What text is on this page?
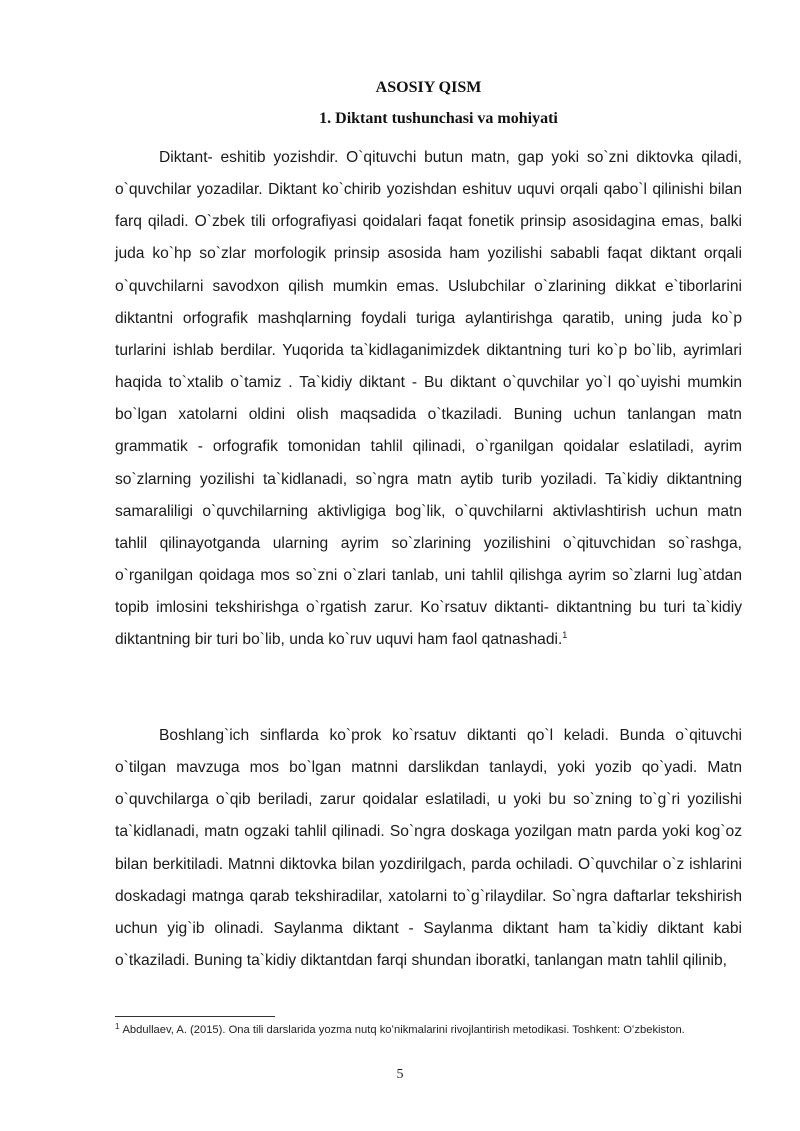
ASOSIY QISM
1. Diktant tushunchasi va mohiyati

Diktant- eshitib yozishdir. O`qituvchi butun matn, gap yoki so`zni diktovka qiladi, o`quvchilar yozadilar. Diktant ko`chirib yozishdan eshituv uquvi orqali qabo`l qilinishi bilan farq qiladi. O`zbek tili orfografiyasi qoidalari faqat fonetik prinsip asosidagina emas, balki juda ko`hp so`zlar morfologik prinsip asosida ham yozilishi sababli faqat diktant orqali o`quvchilarni savodxon qilish mumkin emas. Uslubchilar o`zlarining dikkat e`tiborlarini diktantni orfografik mashqlarning foydali turiga aylantirishga qaratib, uning juda ko`p turlarini ishlab berdilar. Yuqorida ta`kidlaganimizdek diktantning turi ko`p bo`lib, ayrimlari haqida to`xtalib o`tamiz . Ta`kidiy diktant - Bu diktant o`quvchilar yo`l qo`uyishi mumkin bo`lgan xatolarni oldini olish maqsadida o`tkaziladi. Buning uchun tanlangan matn grammatik - orfografik tomonidan tahlil qilinadi, o`rganilgan qoidalar eslatiladi, ayrim so`zlarning yozilishi ta`kidlanadi, so`ngra matn aytib turib yoziladi. Ta`kidiy diktantning samaraliligi o`quvchilarning aktivligiga bog`lik, o`quvchilarni aktivlashtirish uchun matn tahlil qilinayotganda ularning ayrim so`zlarining yozilishini o`qituvchidan so`rashga, o`rganilgan qoidaga mos so`zni o`zlari tanlab, uni tahlil qilishga ayrim so`zlarni lug`atdan topib imlosini tekshirishga o`rgatish zarur. Ko`rsatuv diktanti- diktantning bu turi ta`kidiy diktantning bir turi bo`lib, unda ko`ruv uquvi ham faol qatnashadi.$^1$

Boshlang`ich sinflarda ko`prok ko`rsatuv diktanti qo`l keladi. Bunda o`qituvchi o`tilgan mavzuga mos bo`lgan matnni darslikdan tanlaydi, yoki yozib qo`yadi. Matn o`quvchilarga o`qib beriladi, zarur qoidalar eslatiladi, u yoki bu so`zning to`g`ri yozilishi ta`kidlanadi, matn ogzaki tahlil qilinadi. So`ngra doskaga yozilgan matn parda yoki kog`oz bilan berkitiladi. Matnni diktovka bilan yozdirilgach, parda ochiladi. O`quvchilar o`z ishlarini doskadagi matnga qarab tekshiradilar, xatolarni to`g`rilaydilar. So`ngra daftarlar tekshirish uchun yig`ib olinadi. Saylanma diktant - Saylanma diktant ham ta`kidiy diktant kabi o`tkaziladi. Buning ta`kidiy diktantdan farqi shundan iboratki, tanlangan matn tahlil qilinib,

$^1$ Abdullaev, A. (2015). Ona tili darslarida yozma nutq koʻnikmalarini rivojlantirish metodikasi. Toshkent: Oʻzbekiston.

5
